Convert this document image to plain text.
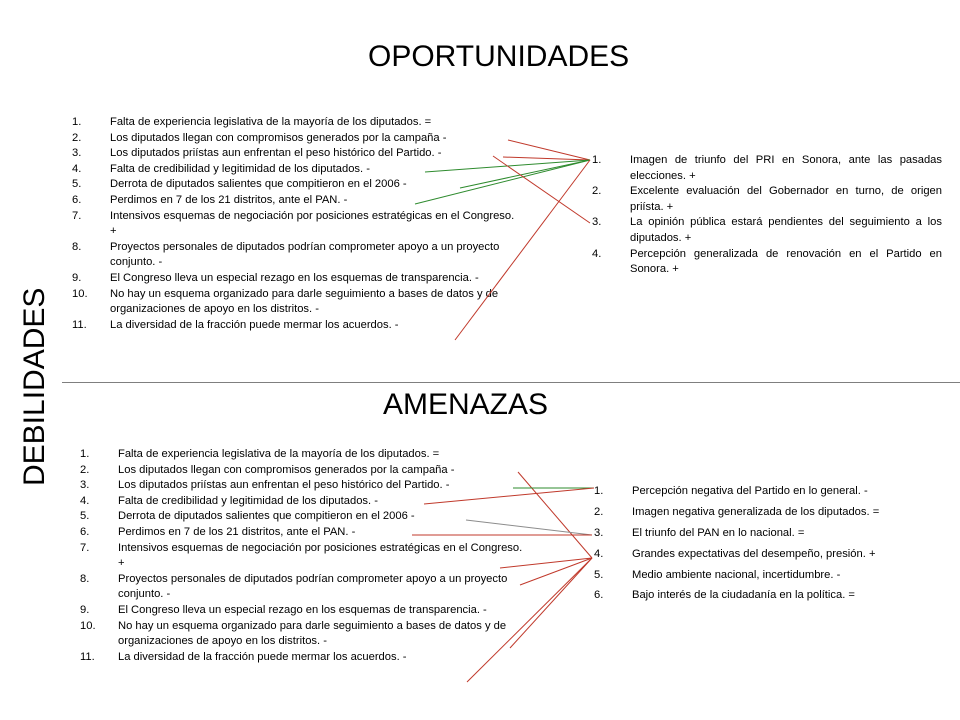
OPORTUNIDADES
AMENAZAS
DEBILIDADES
1.	Falta de experiencia legislativa de la mayoría de los diputados. =
2.	Los diputados llegan con compromisos generados por la campaña -
3.	Los diputados priístas aun enfrentan el peso histórico del Partido. -
4.	Falta de credibilidad y legitimidad de los diputados. -
5.	Derrota de diputados salientes que compitieron en el 2006 -
6.	Perdimos en 7 de los 21 distritos, ante el PAN. -
7.	Intensivos esquemas de negociación por posiciones estratégicas en el Congreso. +
8.	Proyectos personales de diputados podrían comprometer apoyo a un proyecto conjunto. -
9.	El Congreso lleva un especial rezago en los esquemas de transparencia. -
10.	No hay un esquema organizado para darle seguimiento a bases de datos y de organizaciones de apoyo en los distritos. -
11.	La diversidad de la fracción puede mermar los acuerdos. -
1.	Imagen de triunfo del PRI en Sonora, ante las pasadas elecciones. +
2.	Excelente evaluación del Gobernador en turno, de origen priísta. +
3.	La opinión pública estará pendientes del seguimiento a los diputados. +
4.	Percepción generalizada de renovación en el Partido en Sonora. +
1.	Falta de experiencia legislativa de la mayoría de los diputados. =
2.	Los diputados llegan con compromisos generados por la campaña -
3.	Los diputados priístas aun enfrentan el peso histórico del Partido. -
4.	Falta de credibilidad y legitimidad de los diputados. -
5.	Derrota de diputados salientes que compitieron en el 2006 -
6.	Perdimos en 7 de los 21 distritos, ante el PAN. -
7.	Intensivos esquemas de negociación por posiciones estratégicas en el Congreso. +
8.	Proyectos personales de diputados podrían comprometer apoyo a un proyecto conjunto. -
9.	El Congreso lleva un especial rezago en los esquemas de transparencia. -
10.	No hay un esquema organizado para darle seguimiento a bases de datos y de organizaciones de apoyo en los distritos. -
11.	La diversidad de la fracción puede mermar los acuerdos. -
1.	Percepción negativa del Partido en lo general. -
2.	Imagen negativa generalizada de los diputados. =
3.	El triunfo del PAN en lo nacional. =
4.	Grandes expectativas del desempeño, presión. +
5.	Medio ambiente nacional, incertidumbre. -
6.	Bajo interés de la ciudadanía en la política. =
